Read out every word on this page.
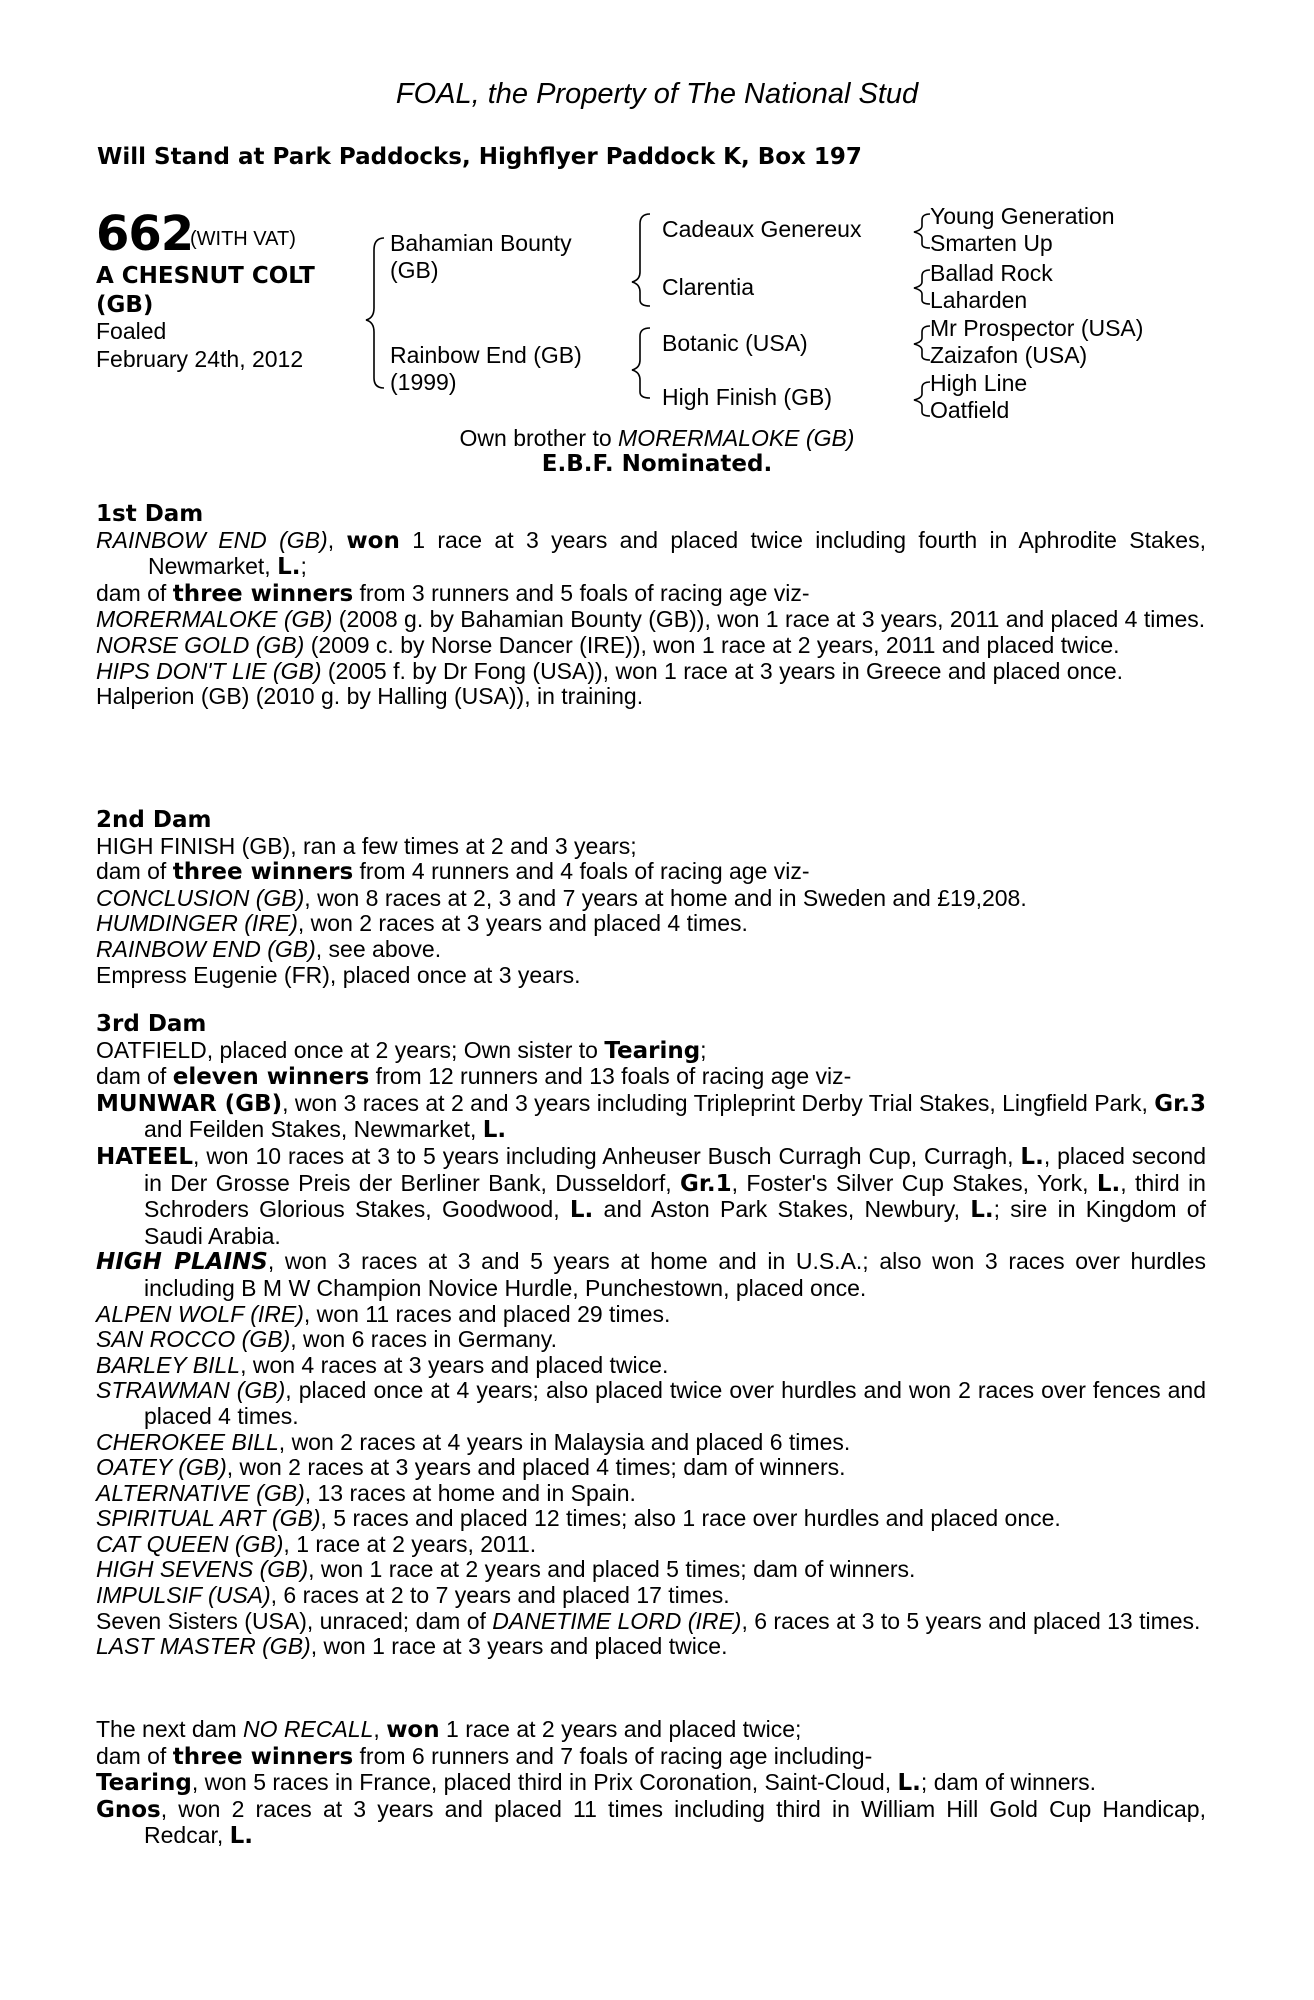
FOAL, the Property of The National Stud
Will Stand at Park Paddocks, Highflyer Paddock K, Box 197
662
(WITH VAT)
A CHESNUT COLT
(GB)
Foaled
February 24th, 2012
Bahamian Bounty
(GB)
Rainbow End (GB)
(1999)
Cadeaux Genereux
Clarentia
Botanic (USA)
High Finish (GB)
Young Generation
Smarten Up
Ballad Rock
Laharden
Mr Prospector (USA)
Zaizafon (USA)
High Line
Oatfield
Own brother to MORERMALOKE (GB)
E.B.F. Nominated.

1st Dam

RAINBOW END (GB), won 1 race at 3 years and placed twice including fourth in Aphrodite Stakes, Newmarket, L.;

dam of three winners from 3 runners and 5 foals of racing age viz-

MORERMALOKE (GB) (2008 g. by Bahamian Bounty (GB)), won 1 race at 3 years, 2011 and placed 4 times.

NORSE GOLD (GB) (2009 c. by Norse Dancer (IRE)), won 1 race at 2 years, 2011 and placed twice.

HIPS DON'T LIE (GB) (2005 f. by Dr Fong (USA)), won 1 race at 3 years in Greece and placed once.

Halperion (GB) (2010 g. by Halling (USA)), in training.

2nd Dam

HIGH FINISH (GB), ran a few times at 2 and 3 years;

dam of three winners from 4 runners and 4 foals of racing age viz-

CONCLUSION (GB), won 8 races at 2, 3 and 7 years at home and in Sweden and £19,208.

HUMDINGER (IRE), won 2 races at 3 years and placed 4 times.

RAINBOW END (GB), see above.

Empress Eugenie (FR), placed once at 3 years.

3rd Dam

OATFIELD, placed once at 2 years; Own sister to Tearing;

dam of eleven winners from 12 runners and 13 foals of racing age viz-

MUNWAR (GB), won 3 races at 2 and 3 years including Tripleprint Derby Trial Stakes, Lingfield Park, Gr.3 and Feilden Stakes, Newmarket, L.

HATEEL, won 10 races at 3 to 5 years including Anheuser Busch Curragh Cup, Curragh, L., placed second in Der Grosse Preis der Berliner Bank, Dusseldorf, Gr.1, Foster's Silver Cup Stakes, York, L., third in Schroders Glorious Stakes, Goodwood, L. and Aston Park Stakes, Newbury, L.; sire in Kingdom of Saudi Arabia.

HIGH PLAINS, won 3 races at 3 and 5 years at home and in U.S.A.; also won 3 races over hurdles including B M W Champion Novice Hurdle, Punchestown, placed once.

ALPEN WOLF (IRE), won 11 races and placed 29 times.

SAN ROCCO (GB), won 6 races in Germany.

BARLEY BILL, won 4 races at 3 years and placed twice.

STRAWMAN (GB), placed once at 4 years; also placed twice over hurdles and won 2 races over fences and placed 4 times.

CHEROKEE BILL, won 2 races at 4 years in Malaysia and placed 6 times.

OATEY (GB), won 2 races at 3 years and placed 4 times; dam of winners.

ALTERNATIVE (GB), 13 races at home and in Spain.

SPIRITUAL ART (GB), 5 races and placed 12 times; also 1 race over hurdles and placed once.

CAT QUEEN (GB), 1 race at 2 years, 2011.

HIGH SEVENS (GB), won 1 race at 2 years and placed 5 times; dam of winners.

IMPULSIF (USA), 6 races at 2 to 7 years and placed 17 times.

Seven Sisters (USA), unraced; dam of DANETIME LORD (IRE), 6 races at 3 to 5 years and placed 13 times.

LAST MASTER (GB), won 1 race at 3 years and placed twice.

The next dam NO RECALL, won 1 race at 2 years and placed twice;

dam of three winners from 6 runners and 7 foals of racing age including-

Tearing, won 5 races in France, placed third in Prix Coronation, Saint-Cloud, L.; dam of winners.

Gnos, won 2 races at 3 years and placed 11 times including third in William Hill Gold Cup Handicap, Redcar, L.
